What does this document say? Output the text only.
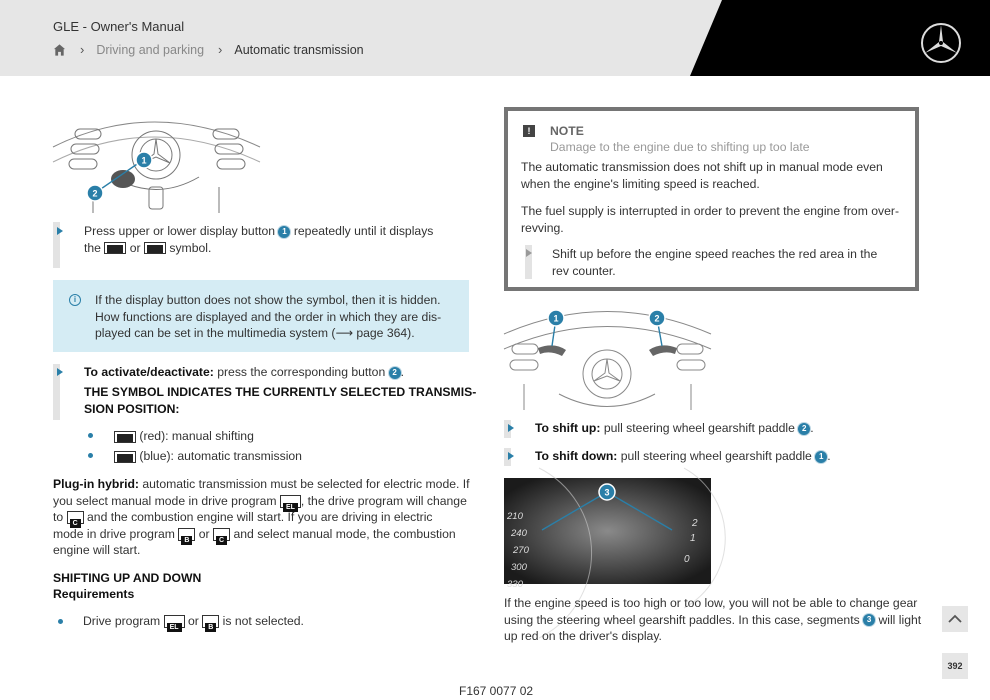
GLE - Owner's Manual
› Driving and parking › Automatic transmission
1
2
Press upper or lower display button 1 repeatedly until it displays
the or symbol.
i	If the display button does not show the symbol, then it is hidden.
How functions are displayed and the order in which they are dis-
played can be set in the multimedia system (⟶ page 364).
To activate/deactivate: press the corresponding button 2 .
THE SYMBOL INDICATES THE CURRENTLY SELECTED TRANSMIS-
SION POSITION:
(red): manual shifting
(blue): automatic transmission
Plug-in hybrid: automatic transmission must be selected for electric mode. If
you select manual mode in drive program EL , the drive program will change
to C and the combustion engine will start. If you are driving in electric
mode in drive program B or C and select manual mode, the combustion
engine will start.
SHIFTING UP AND DOWN
Requirements
Drive program EL or B is not selected.
!	NOTE
Damage to the engine due to shifting up too late
The automatic transmission does not shift up in manual mode even
when the engine's limiting speed is reached.
The fuel supply is interrupted in order to prevent the engine from over-
revving.
Shift up before the engine speed reaches the red area in the
rev counter.
1	2
To shift up: pull steering wheel gearshift paddle 2 .
To shift down: pull steering wheel gearshift paddle 1 .
3
210
240
270
300
330
2
1
0
If the engine speed is too high or too low, you will not be able to change gear
using the steering wheel gearshift paddles. In this case, segments 3 will light
up red on the driver's display.
392
F167 0077 02
